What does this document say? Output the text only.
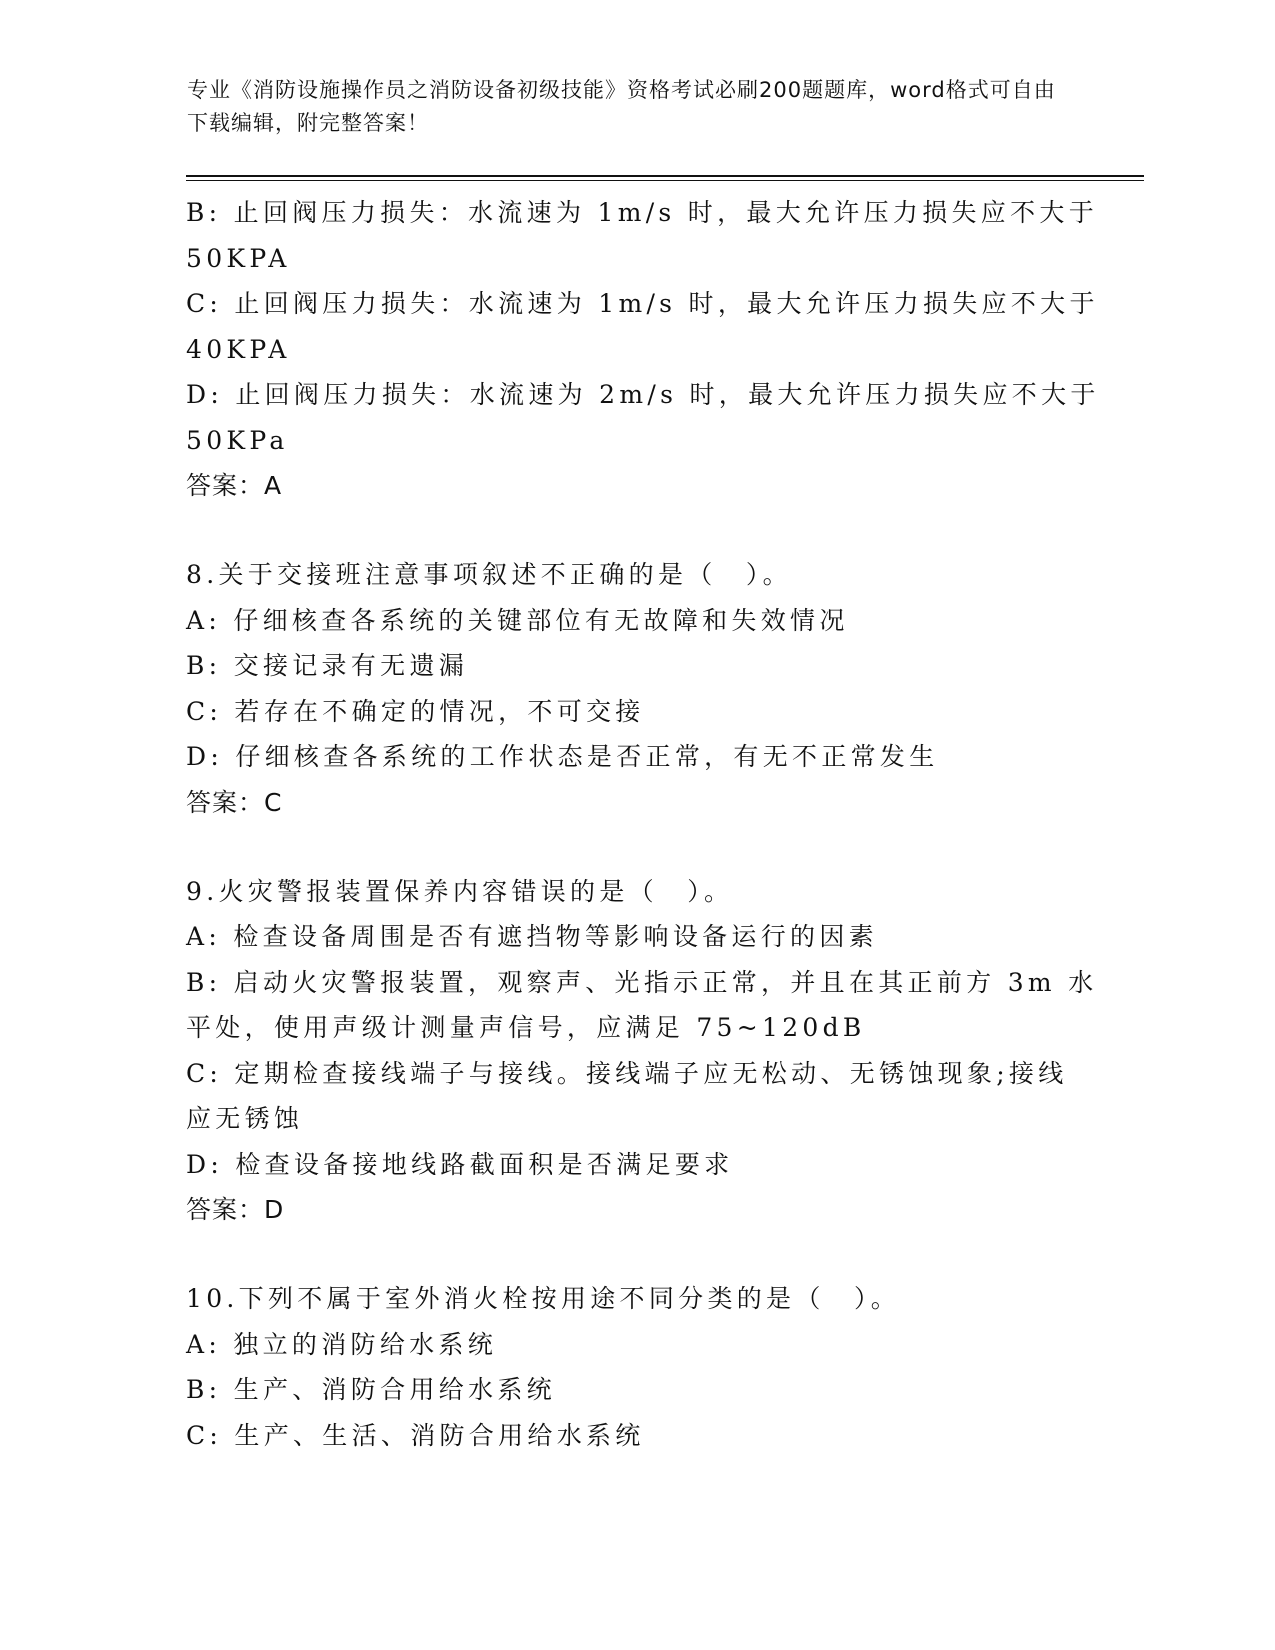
专业《消防设施操作员之消防设备初级技能》资格考试必刷200题题库，word格式可自由下载编辑，附完整答案！
B: 止回阀压力损失：水流速为 1m/s 时，最大允许压力损失应不大于
50KPA
C: 止回阀压力损失：水流速为 1m/s 时，最大允许压力损失应不大于
40KPA
D: 止回阀压力损失：水流速为 2m/s 时，最大允许压力损失应不大于
50KPa
答案：A
8.关于交接班注意事项叙述不正确的是（　）。
A: 仔细核查各系统的关键部位有无故障和失效情况
B: 交接记录有无遗漏
C: 若存在不确定的情况，不可交接
D: 仔细核查各系统的工作状态是否正常，有无不正常发生
答案：C
9.火灾警报装置保养内容错误的是（　）。
A: 检查设备周围是否有遮挡物等影响设备运行的因素
B: 启动火灾警报装置，观察声、光指示正常，并且在其正前方 3m 水
平处，使用声级计测量声信号，应满足 75~120dB
C: 定期检查接线端子与接线。接线端子应无松动、无锈蚀现象;接线
应无锈蚀
D: 检查设备接地线路截面积是否满足要求
答案：D
10.下列不属于室外消火栓按用途不同分类的是（　）。
A: 独立的消防给水系统
B: 生产、消防合用给水系统
C: 生产、生活、消防合用给水系统
